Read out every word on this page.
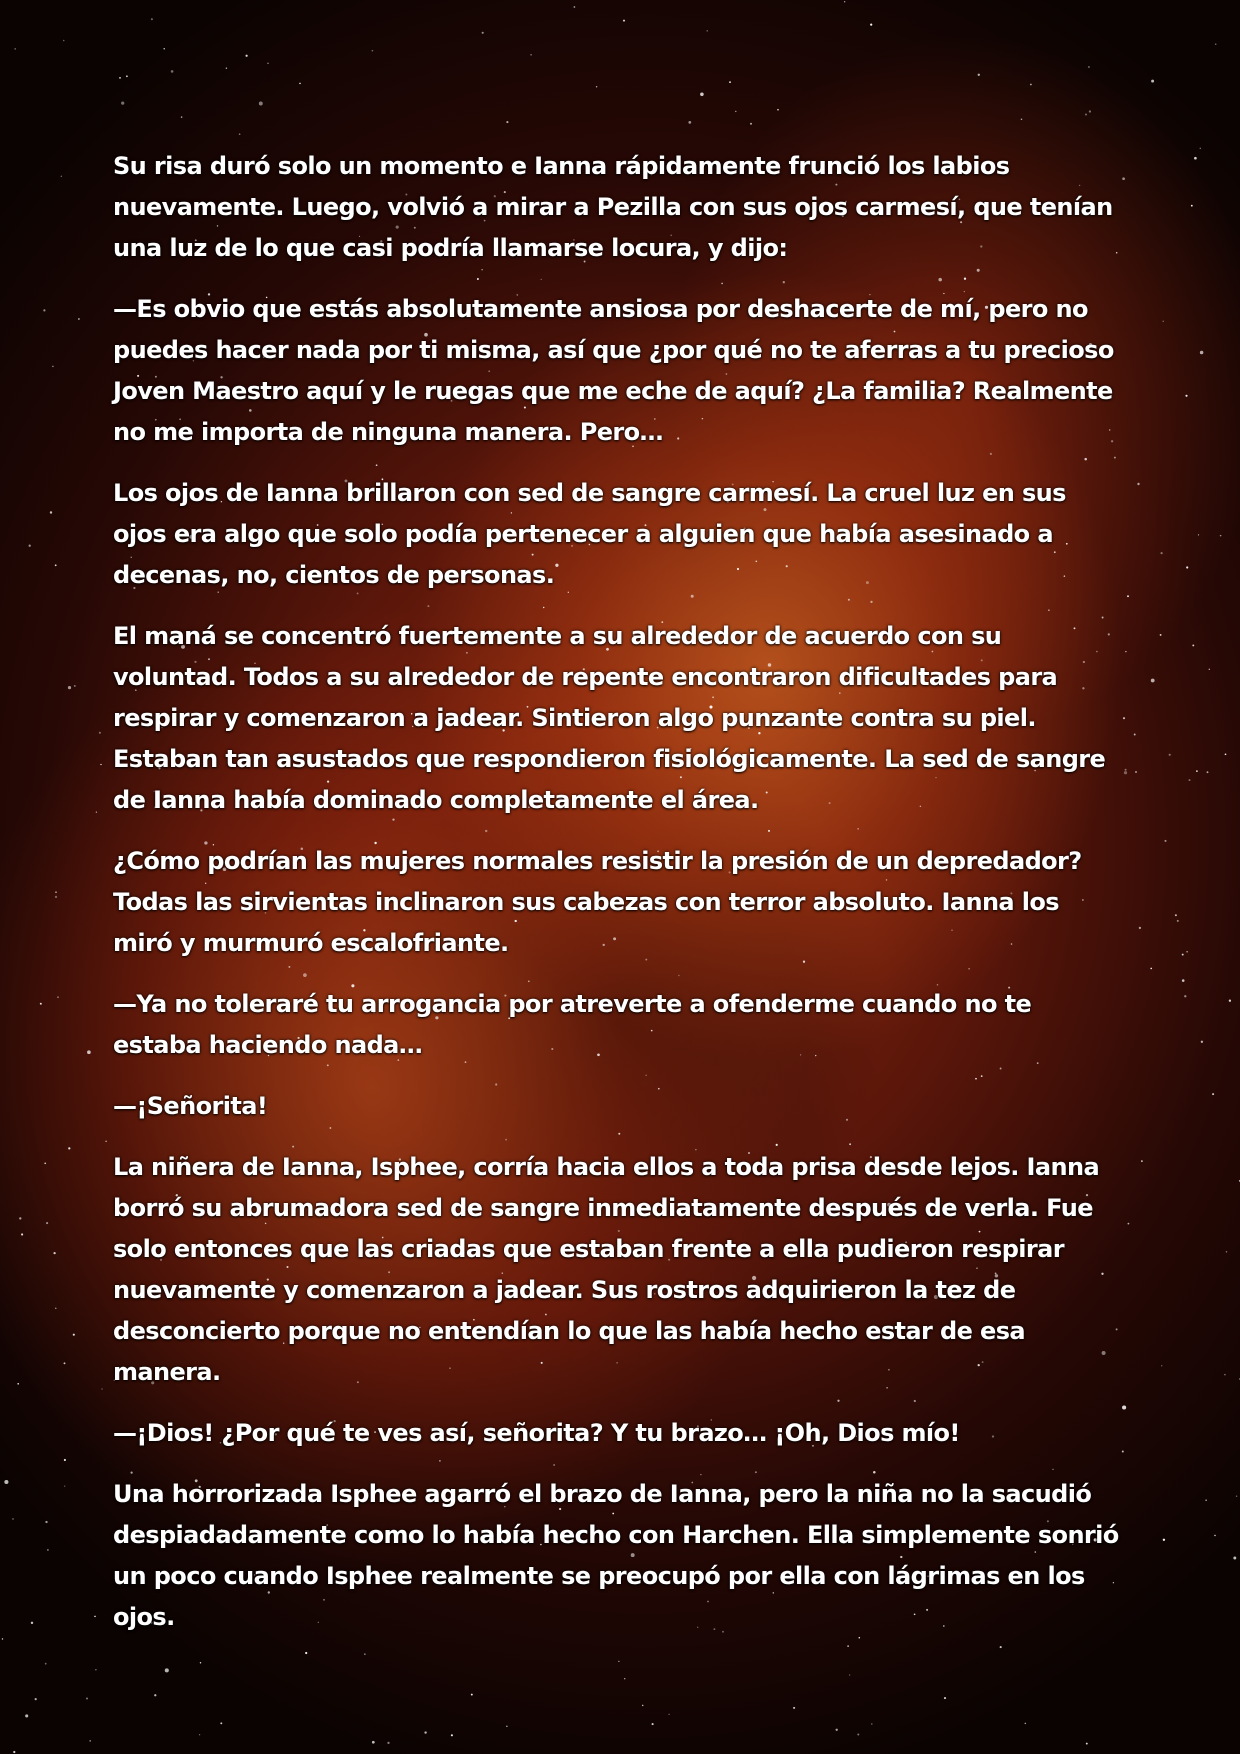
Su risa duró solo un momento e Ianna rápidamente frunció los labios nuevamente. Luego, volvió a mirar a Pezilla con sus ojos carmesí, que tenían una luz de lo que casi podría llamarse locura, y dijo:

—Es obvio que estás absolutamente ansiosa por deshacerte de mí, pero no puedes hacer nada por ti misma, así que ¿por qué no te aferras a tu precioso Joven Maestro aquí y le ruegas que me eche de aquí? ¿La familia? Realmente no me importa de ninguna manera. Pero…

Los ojos de Ianna brillaron con sed de sangre carmesí. La cruel luz en sus ojos era algo que solo podía pertenecer a alguien que había asesinado a decenas, no, cientos de personas.

El maná se concentró fuertemente a su alrededor de acuerdo con su voluntad. Todos a su alrededor de repente encontraron dificultades para respirar y comenzaron a jadear. Sintieron algo punzante contra su piel. Estaban tan asustados que respondieron fisiológicamente. La sed de sangre de Ianna había dominado completamente el área.

¿Cómo podrían las mujeres normales resistir la presión de un depredador? Todas las sirvientas inclinaron sus cabezas con terror absoluto. Ianna los miró y murmuró escalofriante.

—Ya no toleraré tu arrogancia por atreverte a ofenderme cuando no te estaba haciendo nada…

—¡Señorita!

La niñera de Ianna, Isphee, corría hacia ellos a toda prisa desde lejos. Ianna borró su abrumadora sed de sangre inmediatamente después de verla. Fue solo entonces que las criadas que estaban frente a ella pudieron respirar nuevamente y comenzaron a jadear. Sus rostros adquirieron la tez de desconcierto porque no entendían lo que las había hecho estar de esa manera.

—¡Dios! ¿Por qué te ves así, señorita? Y tu brazo… ¡Oh, Dios mío!

Una horrorizada Isphee agarró el brazo de Ianna, pero la niña no la sacudió despiadadamente como lo había hecho con Harchen. Ella simplemente sonrió un poco cuando Isphee realmente se preocupó por ella con lágrimas en los ojos.
